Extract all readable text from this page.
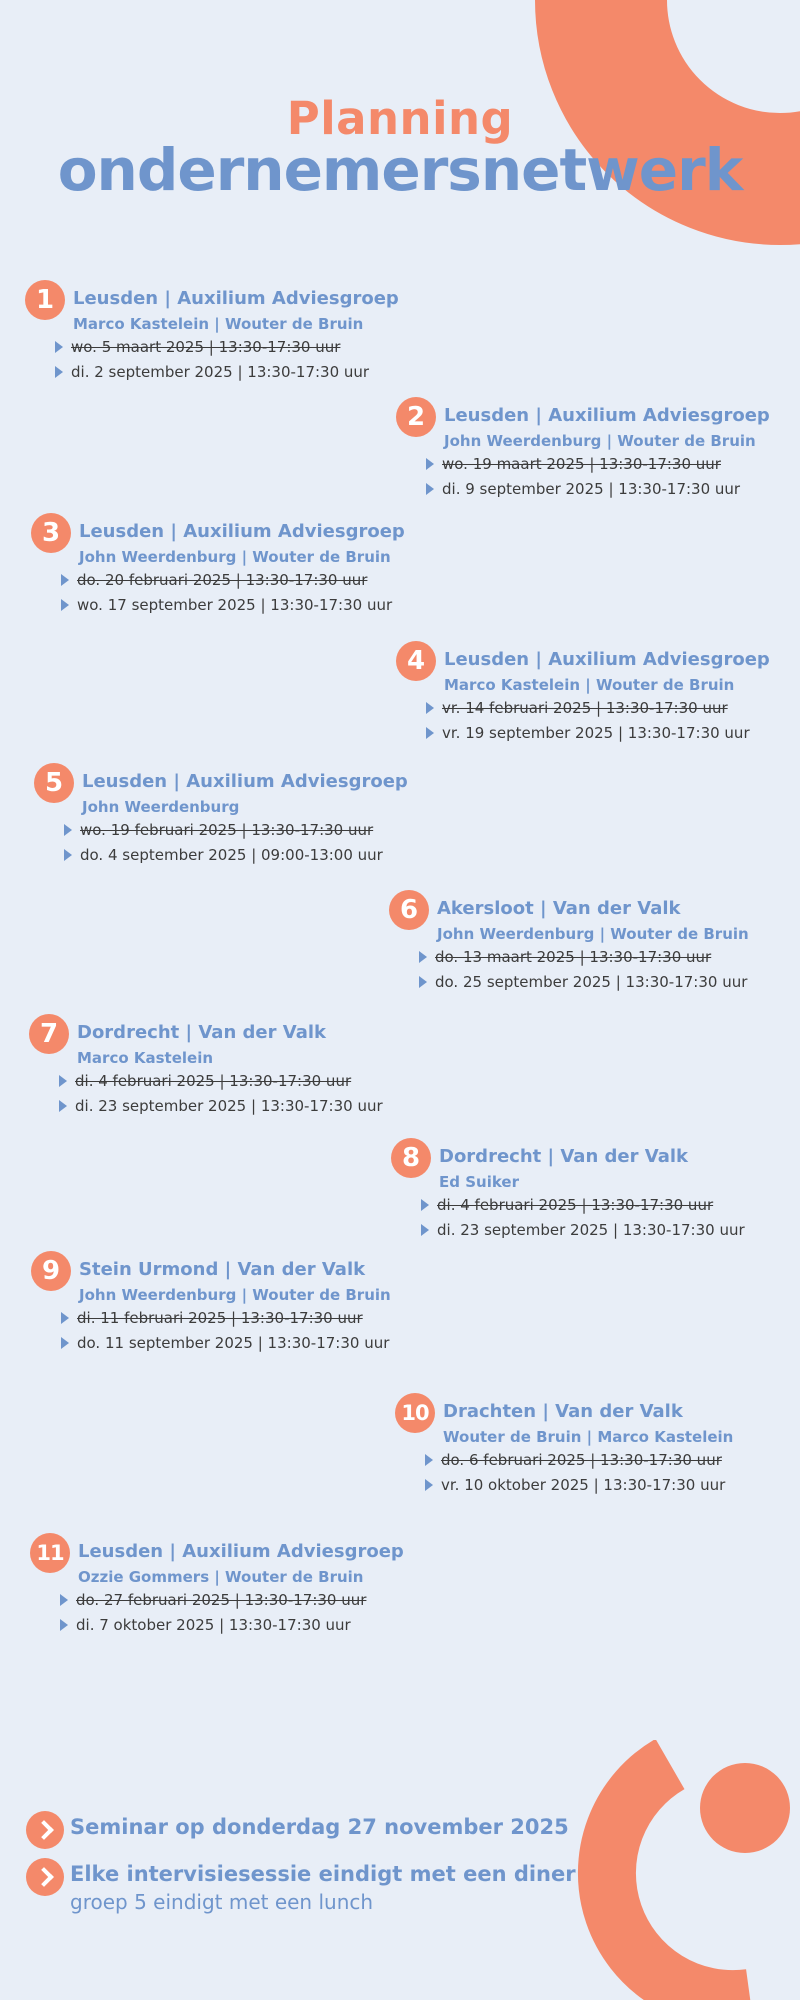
Planning
ondernemersnetwerk
1	Leusden | Auxilium Adviesgroep
Marco Kastelein | Wouter de Bruin
wo. 5 maart 2025 | 13:30-17:30 uur
di. 2 september 2025 | 13:30-17:30 uur
2	Leusden | Auxilium Adviesgroep
John Weerdenburg | Wouter de Bruin
wo. 19 maart 2025 | 13:30-17:30 uur
di. 9 september 2025 | 13:30-17:30 uur
3	Leusden | Auxilium Adviesgroep
John Weerdenburg | Wouter de Bruin
do. 20 februari 2025 | 13:30-17:30 uur
wo. 17 september 2025 | 13:30-17:30 uur
4	Leusden | Auxilium Adviesgroep
Marco Kastelein | Wouter de Bruin
vr. 14 februari 2025 | 13:30-17:30 uur
vr. 19 september 2025 | 13:30-17:30 uur
5	Leusden | Auxilium Adviesgroep
John Weerdenburg
wo. 19 februari 2025 | 13:30-17:30 uur
do. 4 september 2025 | 09:00-13:00 uur
6	Akersloot | Van der Valk
John Weerdenburg | Wouter de Bruin
do. 13 maart 2025 | 13:30-17:30 uur
do. 25 september 2025 | 13:30-17:30 uur
7	Dordrecht | Van der Valk
Marco Kastelein
di. 4 februari 2025 | 13:30-17:30 uur
di. 23 september 2025 | 13:30-17:30 uur
8	Dordrecht | Van der Valk
Ed Suiker
di. 4 februari 2025 | 13:30-17:30 uur
di. 23 september 2025 | 13:30-17:30 uur
9	Stein Urmond | Van der Valk
John Weerdenburg | Wouter de Bruin
di. 11 februari 2025 | 13:30-17:30 uur
do. 11 september 2025 | 13:30-17:30 uur
10 Drachten | Van der Valk
Wouter de Bruin | Marco Kastelein
do. 6 februari 2025 | 13:30-17:30 uur
vr. 10 oktober 2025 | 13:30-17:30 uur
11 Leusden | Auxilium Adviesgroep
Ozzie Gommers | Wouter de Bruin
do. 27 februari 2025 | 13:30-17:30 uur
di. 7 oktober 2025 | 13:30-17:30 uur
Seminar op donderdag 27 november 2025
Elke intervisiesessie eindigt met een diner
groep 5 eindigt met een lunch
